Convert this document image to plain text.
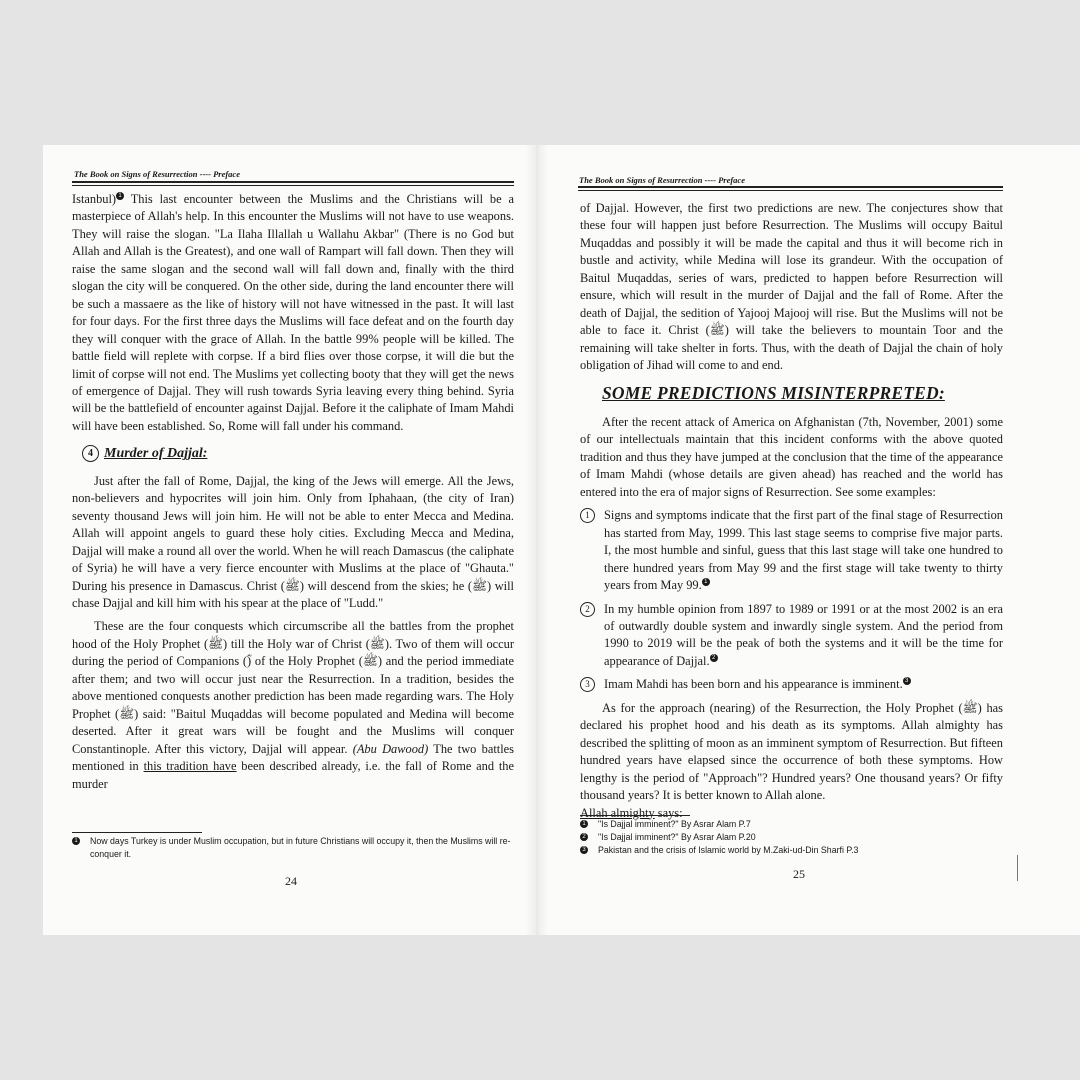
The Book on Signs of Resurrection ---- Preface

Istanbul) 1 This last encounter between the Muslims and the Christians will be a masterpiece of Allah's help. In this encounter the Muslims will not have to use weapons. They will raise the slogan. "La Ilaha Illallah u Wallahu Akbar" (There is no God but Allah and Allah is the Greatest), and one wall of Rampart will fall down. Then they will raise the same slogan and the second wall will fall down and, finally with the third slogan the city will be conquered. On the other side, during the land encounter there will be such a massaere as the like of history will not have witnessed in the past. It will last for four days. For the first three days the Muslims will face defeat and on the fourth day they will conquer with the grace of Allah. In the battle 99% people will be killed. The battle field will replete with corpse. If a bird flies over those corpse, it will die but the limit of corpse will not end. The Muslims yet collecting booty that they will get the news of emergence of Dajjal. They will rush towards Syria leaving every thing behind. Syria will be the battlefield of encounter against Dajjal. Before it the caliphate of Imam Mahdi will have been established. So, Rome will fall under his command.

4 Murder of Dajjal:

Just after the fall of Rome, Dajjal, the king of the Jews will emerge. All the Jews, non-believers and hypocrites will join him. Only from Iphahaan, (the city of Iran) seventy thousand Jews will join him. He will not be able to enter Mecca and Medina. Allah will appoint angels to guard these holy cities. Excluding Mecca and Medina, Dajjal will make a round all over the world. When he will reach Damascus (the caliphate of Syria) he will have a very fierce encounter with Muslims at the place of "Ghauta." During his presence in Damascus. Christ (ﷺ) will descend from the skies; he (ﷺ) will chase Dajjal and kill him with his spear at the place of "Ludd."

These are the four conquests which circumscribe all the battles from the prophet hood of the Holy Prophet (ﷺ) till the Holy war of Christ (ﷺ). Two of them will occur during the period of Companions (ؓ) of the Holy Prophet (ﷺ) and the period immediate after them; and two will occur just near the Resurrection. In a tradition, besides the above mentioned conquests another prediction has been made regarding wars. The Holy Prophet (ﷺ) said: "Baitul Muqaddas will become populated and Medina will become deserted. After it great wars will be fought and the Muslims will conquer Constantinople. After this victory, Dajjal will appear. (Abu Dawood) The two battles mentioned in this tradition have been described already, i.e. the fall of Rome and the murder

1 Now days Turkey is under Muslim occupation, but in future Christians will occupy it, then the Muslims will re-conquer it.
24
The Book on Signs of Resurrection ---- Preface

of Dajjal. However, the first two predictions are new. The conjectures show that these four will happen just before Resurrection. The Muslims will occupy Baitul Muqaddas and possibly it will be made the capital and thus it will become rich in bustle and activity, while Medina will lose its grandeur. With the occupation of Baitul Muqaddas, series of wars, predicted to happen before Resurrection will ensure, which will result in the murder of Dajjal and the fall of Rome. After the death of Dajjal, the sedition of Yajooj Majooj will rise. But the Muslims will not be able to face it. Christ (ﷺ) will take the believers to mountain Toor and the remaining will take shelter in forts. Thus, with the death of Dajjal the chain of holy obligation of Jihad will come to and end.

SOME PREDICTIONS MISINTERPRETED:

After the recent attack of America on Afghanistan (7th, November, 2001) some of our intellectuals maintain that this incident conforms with the above quoted tradition and thus they have jumped at the conclusion that the time of the appearance of Imam Mahdi (whose details are given ahead) has reached and the world has entered into the era of major signs of Resurrection. See some examples:

1	Signs and symptoms indicate that the first part of the final stage of Resurrection has started from May, 1999. This last stage seems to comprise five major parts. I, the most humble and sinful, guess that this last stage will take one hundred to there hundred years from May 99 and the first stage will take twenty to thirty years from May 99. 1
2	In my humble opinion from 1897 to 1989 or 1991 or at the most 2002 is an era of outwardly double system and inwardly single system. And the period from 1990 to 2019 will be the peak of both the systems and it will be the time for appearance of Dajjal. 2
3	Imam Mahdi has been born and his appearance is imminent. 3

As for the approach (nearing) of the Resurrection, the Holy Prophet (ﷺ) has declared his prophet hood and his death as its symptoms. Allah almighty has described the splitting of moon as an imminent symptom of Resurrection. But fifteen hundred years have elapsed since the occurrence of both these symptoms. How lengthy is the period of "Approach"? Hundred years? One thousand years? Or fifty thousand years? It is better known to Allah alone.
Allah almighty says:

1 "Is Dajjal imminent?" By Asrar Alam P.7
2 "Is Dajjal imminent?" By Asrar Alam P.20
3 Pakistan and the crisis of Islamic world by M.Zaki-ud-Din Sharfi P.3
25
